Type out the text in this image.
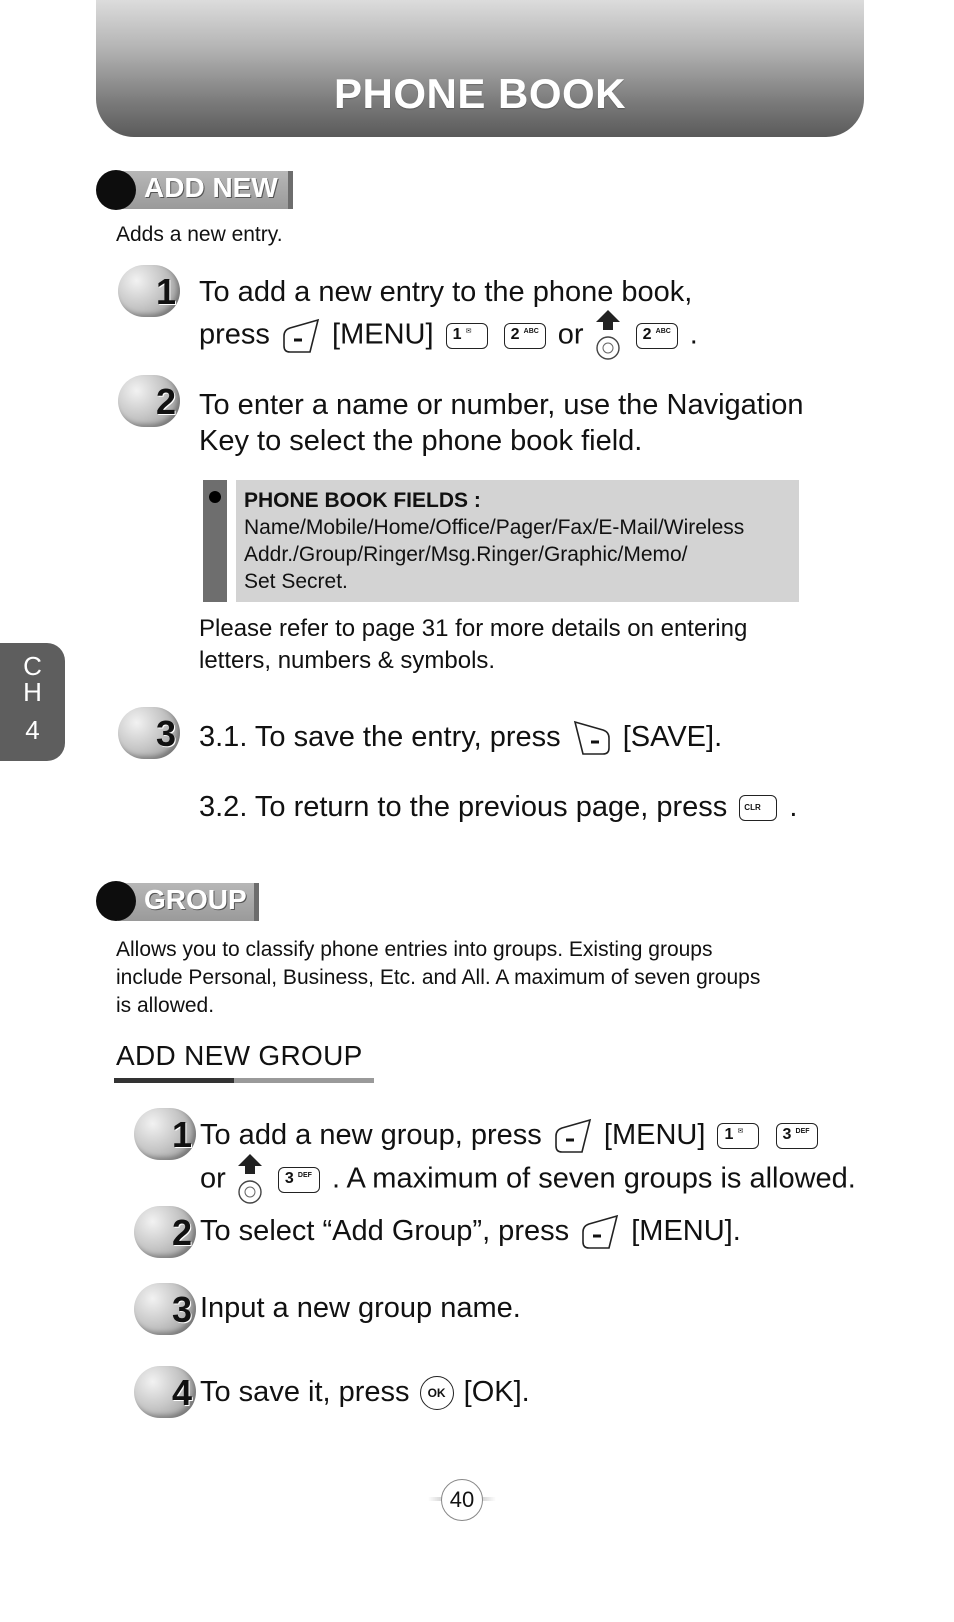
PHONE BOOK
ADD NEW
Adds a new entry.
1 To add a new entry to the phone book,
press [MENU] 1 ✉
2 ABC or	2 ABC .
2 To enter a name or number, use the Navigation
Key to select the phone book field.
PHONE BOOK FIELDS :
Name/Mobile/Home/Office/Pager/Fax/E-Mail/Wireless
Addr./Group/Ringer/Msg.Ringer/Graphic/Memo/
Set Secret.
Please refer to page 31 for more details on entering
letters, numbers & symbols.
C
H
4	3 3.1. To save the entry, press [SAVE].
3.2. To return to the previous page, press CLR .
GROUP
Allows you to classify phone entries into groups. Existing groups
include Personal, Business, Etc. and All. A maximum of seven groups
is allowed.
ADD NEW GROUP
1 To add a new group, press [MENU] 1 ✉
3 DEF
or	3 DEF . A maximum of seven groups is allowed.
2 To select “Add Group”, press [MENU].
3 Input a new group name.
4 To save it, press OK [OK].
40
